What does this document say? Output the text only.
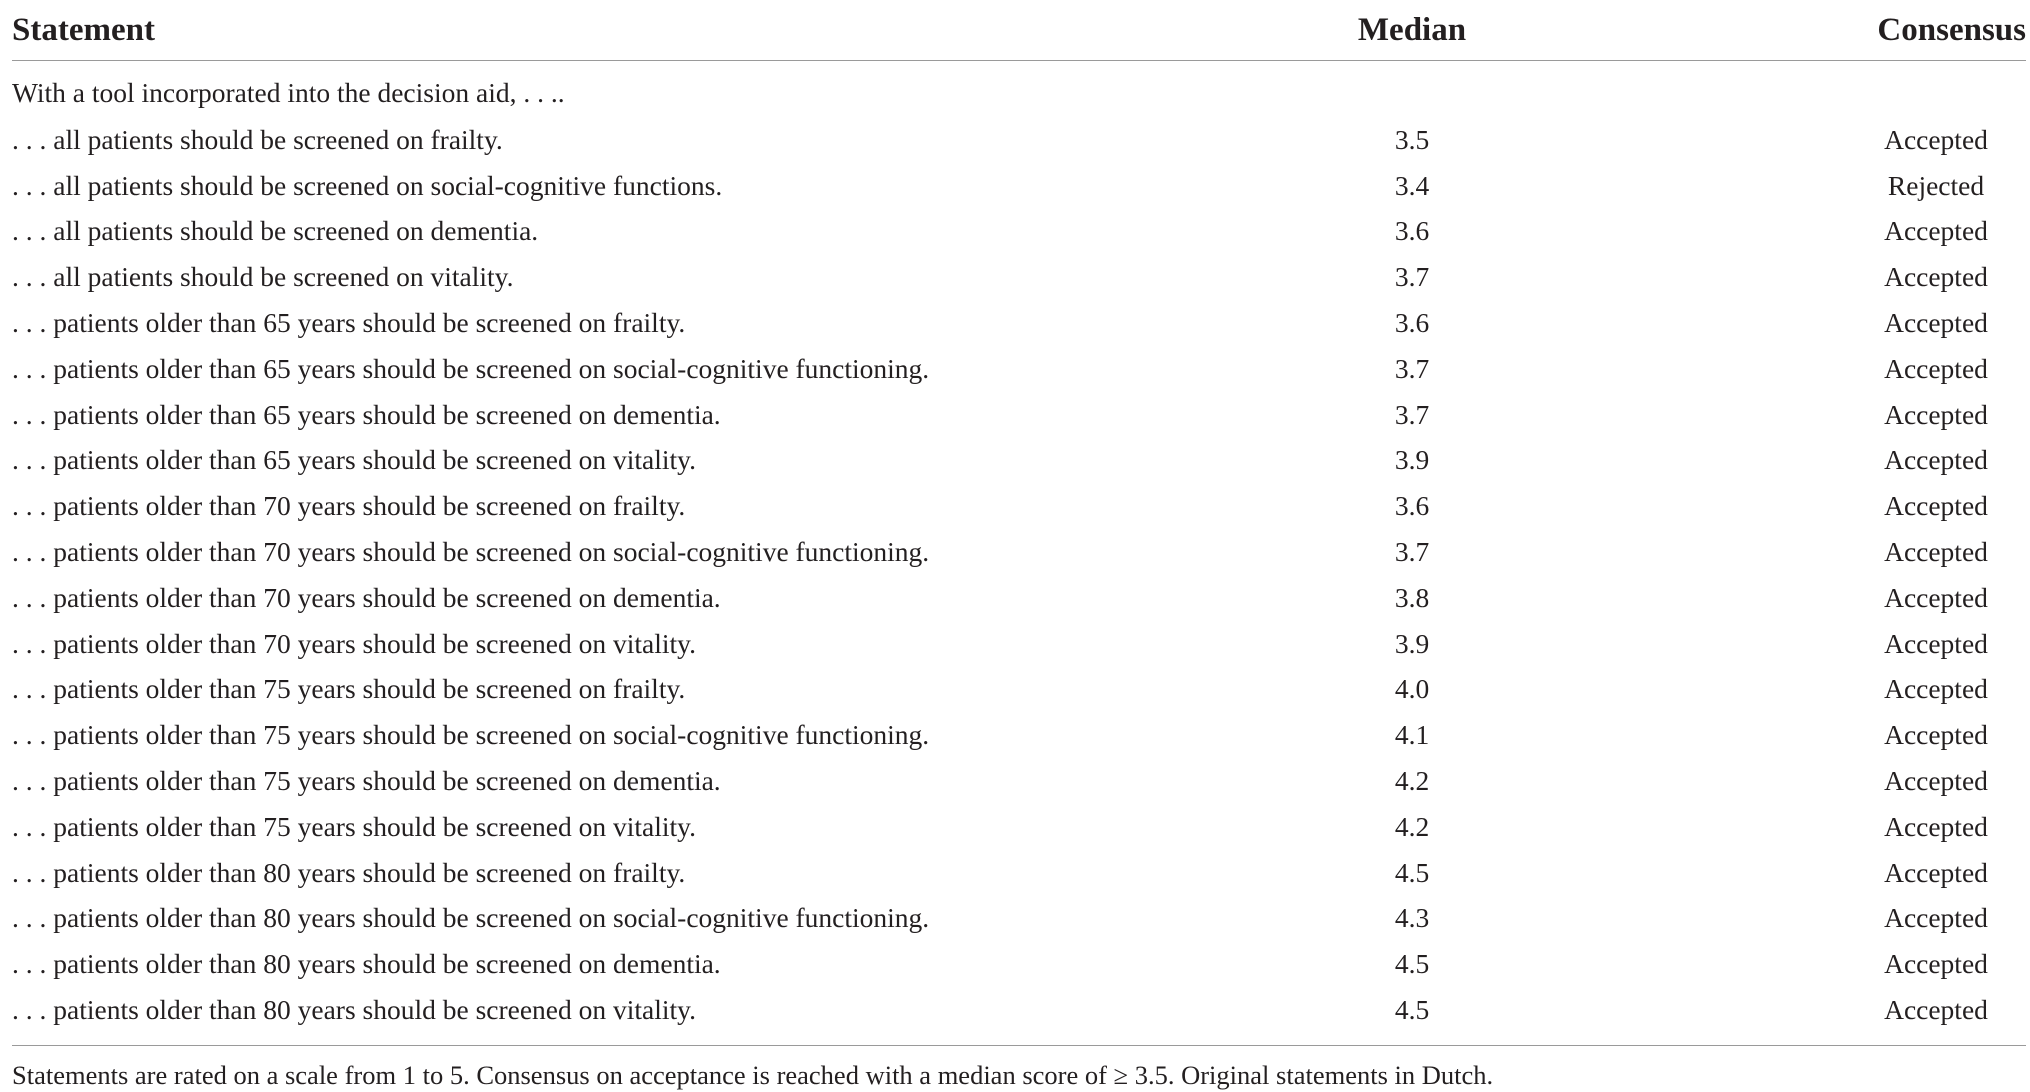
Statement	Median	Consensus
With a tool incorporated into the decision aid, . . ..		
. . . all patients should be screened on frailty.	3.5	Accepted
. . . all patients should be screened on social-cognitive functions.	3.4	Rejected
. . . all patients should be screened on dementia.	3.6	Accepted
. . . all patients should be screened on vitality.	3.7	Accepted
. . . patients older than 65 years should be screened on frailty.	3.6	Accepted
. . . patients older than 65 years should be screened on social-cognitive functioning.	3.7	Accepted
. . . patients older than 65 years should be screened on dementia.	3.7	Accepted
. . . patients older than 65 years should be screened on vitality.	3.9	Accepted
. . . patients older than 70 years should be screened on frailty.	3.6	Accepted
. . . patients older than 70 years should be screened on social-cognitive functioning.	3.7	Accepted
. . . patients older than 70 years should be screened on dementia.	3.8	Accepted
. . . patients older than 70 years should be screened on vitality.	3.9	Accepted
. . . patients older than 75 years should be screened on frailty.	4.0	Accepted
. . . patients older than 75 years should be screened on social-cognitive functioning.	4.1	Accepted
. . . patients older than 75 years should be screened on dementia.	4.2	Accepted
. . . patients older than 75 years should be screened on vitality.	4.2	Accepted
. . . patients older than 80 years should be screened on frailty.	4.5	Accepted
. . . patients older than 80 years should be screened on social-cognitive functioning.	4.3	Accepted
. . . patients older than 80 years should be screened on dementia.	4.5	Accepted
. . . patients older than 80 years should be screened on vitality.	4.5	Accepted
Statements are rated on a scale from 1 to 5. Consensus on acceptance is reached with a median score of ≥ 3.5. Original statements in Dutch.
